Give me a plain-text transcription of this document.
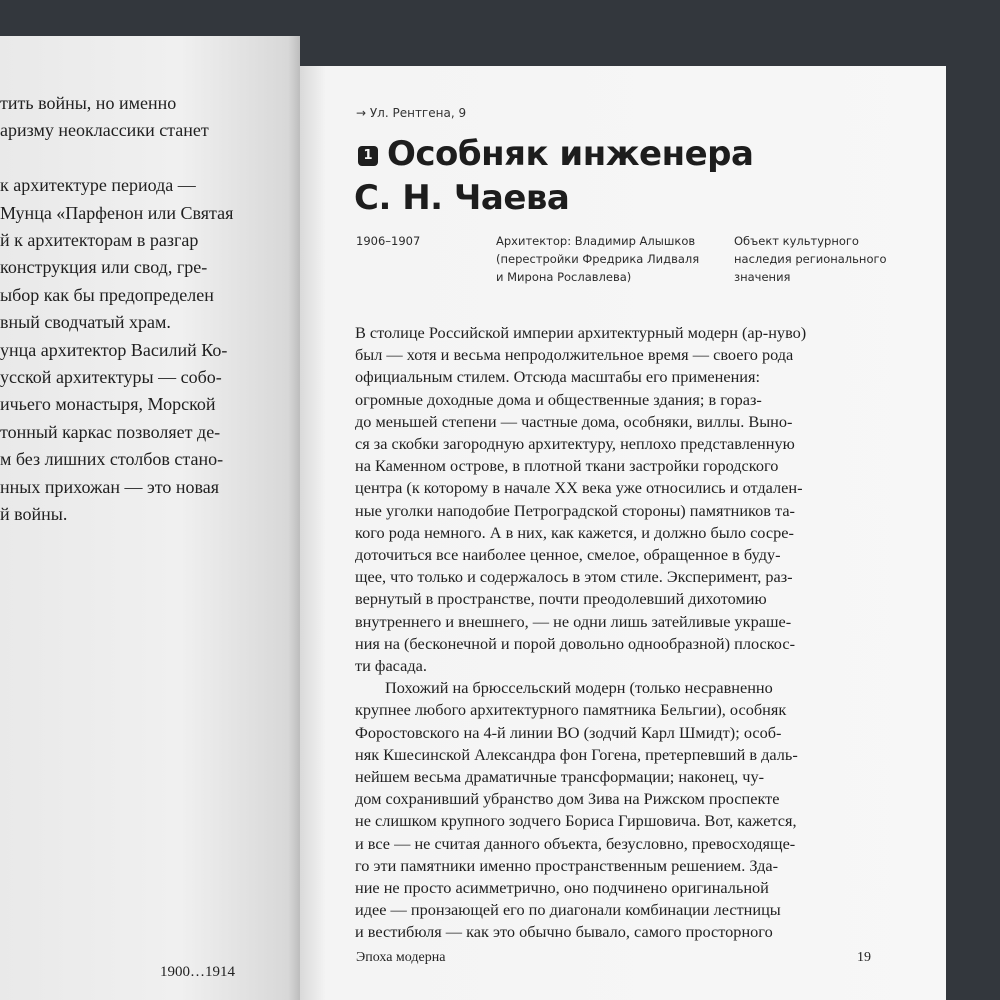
тить войны, но именно
аризму неоклассики станет

к архитектуре периода —
Мунца «Парфенон или Святая
й к архитекторам в разгар
конструкция или свод, гре-
ыбор как бы предопределен
вный сводчатый храм.
унца архитектор Василий Ко-
усской архитектуры — собо-
ичьего монастыря, Морской
тонный каркас позволяет де-
м без лишних столбов стано-
нных прихожан — это новая
й войны.
1900…1914
→ Ул. Рентгена, 9
1 Особняк инженера
С. Н. Чаева
1906–1907	Архитектор: Владимир Алышков
(перестройки Фредрика Лидваля
и Мирона Рославлева)
Объект культурного
наследия регионального
значения
В столице Российской империи архитектурный модерн (ар-нуво)
был — хотя и весьма непродолжительное время — своего рода
официальным стилем. Отсюда масштабы его применения:
огромные доходные дома и общественные здания; в гораз-
до меньшей степени — частные дома, особняки, виллы. Выно-
ся за скобки загородную архитектуру, неплохо представленную
на Каменном острове, в плотной ткани застройки городского
центра (к которому в начале XX века уже относились и отдален-
ные уголки наподобие Петроградской стороны) памятников та-
кого рода немного. А в них, как кажется, и должно было сосре-
доточиться все наиболее ценное, смелое, обращенное в буду-
щее, что только и содержалось в этом стиле. Эксперимент, раз-
вернутый в пространстве, почти преодолевший дихотомию
внутреннего и внешнего, — не одни лишь затейливые украше-
ния на (бесконечной и порой довольно однообразной) плоскос-
ти фасада.
Похожий на брюссельский модерн (только несравненно
крупнее любого архитектурного памятника Бельгии), особняк
Форостовского на 4-й линии ВО (зодчий Карл Шмидт); особ-
няк Кшесинской Александра фон Гогена, претерпевший в даль-
нейшем весьма драматичные трансформации; наконец, чу-
дом сохранивший убранство дом Зива на Рижском проспекте
не слишком крупного зодчего Бориса Гиршовича. Вот, кажется,
и все — не считая данного объекта, безусловно, превосходяще-
го эти памятники именно пространственным решением. Зда-
ние не просто асимметрично, оно подчинено оригинальной
идее — пронзающей его по диагонали комбинации лестницы
и вестибюля — как это обычно бывало, самого просторного
Эпоха модерна	19
